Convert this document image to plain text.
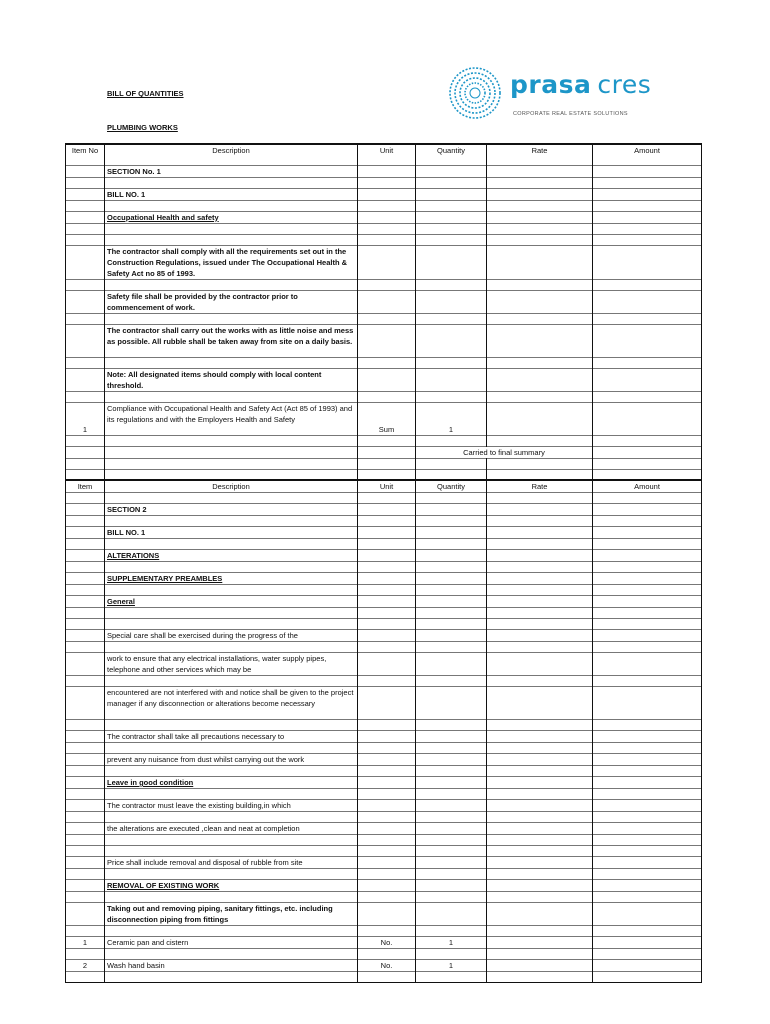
BILL OF QUANTITIES
PLUMBING WORKS
prasa cres
CORPORATE REAL ESTATE SOLUTIONS
Item No	Description	Unit	Quantity	Rate	Amount
	SECTION No. 1				

	BILL NO. 1				

	Occupational Health and safety				

	The contractor shall comply with all the requirements set out in the Construction Regulations, issued under The Occupational Health & Safety Act no 85 of 1993.				

	Safety file shall be provided by the contractor prior to commencement of work.				

	The contractor shall carry out the works with as little noise and mess as possible. All rubble shall be taken away from site on a daily basis.				

	Note: All designated items should comply with local content threshold.				

1	Compliance with Occupational Health and Safety Act (Act 85 of 1993) and its regulations and with the Employers Health and Safety	Sum	1		

			Carried to final summary		

Item	Description	Unit	Quantity	Rate	Amount

	SECTION 2				

	BILL NO. 1				

	ALTERATIONS				

	SUPPLEMENTARY PREAMBLES				

	General				

	Special care shall be exercised during the progress of the				

	work to ensure that any electrical installations, water supply pipes, telephone and other services which may be				

	encountered are not interfered with and notice shall be given to the project manager if any disconnection or alterations become necessary				

	The contractor shall take all precautions necessary to				

	prevent any nuisance from dust whilst carrying out the work				

	Leave in good condition				

	The contractor must leave the existing building,in which				

	the alterations are executed ,clean and neat at completion				

	Price shall include removal and disposal of rubble from site				

	REMOVAL OF EXISTING WORK				

	Taking out and removing piping, sanitary fittings, etc. including disconnection piping from fittings				

1	Ceramic pan and cistern	No.	1		

2	Wash hand basin	No.	1		
